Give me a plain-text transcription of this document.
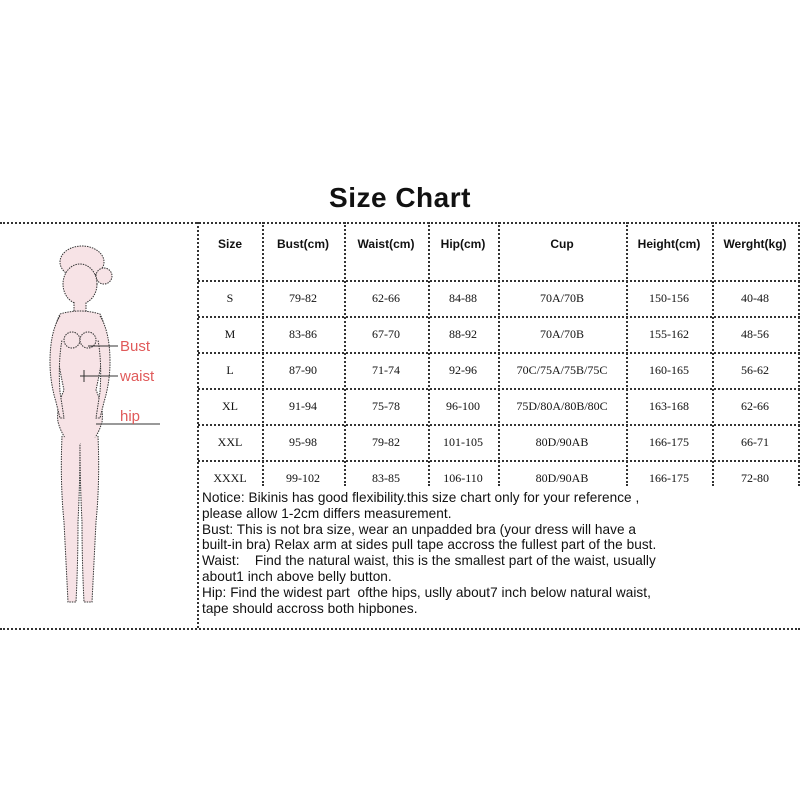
Size Chart
Bust
waist
hip
Size	Bust(cm)	Waist(cm)	Hip(cm)	Cup	Height(cm)	Werght(kg)
S	79-82	62-66	84-88	70A/70B	150-156	40-48
M	83-86	67-70	88-92	70A/70B	155-162	48-56
L	87-90	71-74	92-96	70C/75A/75B/75C	160-165	56-62
XL	91-94	75-78	96-100	75D/80A/80B/80C	163-168	62-66
XXL	95-98	79-82	101-105	80D/90AB	166-175	66-71
XXXL	99-102	83-85	106-110	80D/90AB	166-175	72-80
Notice: Bikinis has good flexibility.this size chart only for your reference ,
please allow 1-2cm differs measurement.
Bust: This is not bra size, wear an unpadded bra (your dress will have a
built-in bra) Relax arm at sides pull tape accross the fullest part of the bust.
Waist:    Find the natural waist, this is the smallest part of the waist, usually
about1 inch above belly button.
Hip: Find the widest part  ofthe hips, uslly about7 inch below natural waist,
tape should accross both hipbones.
